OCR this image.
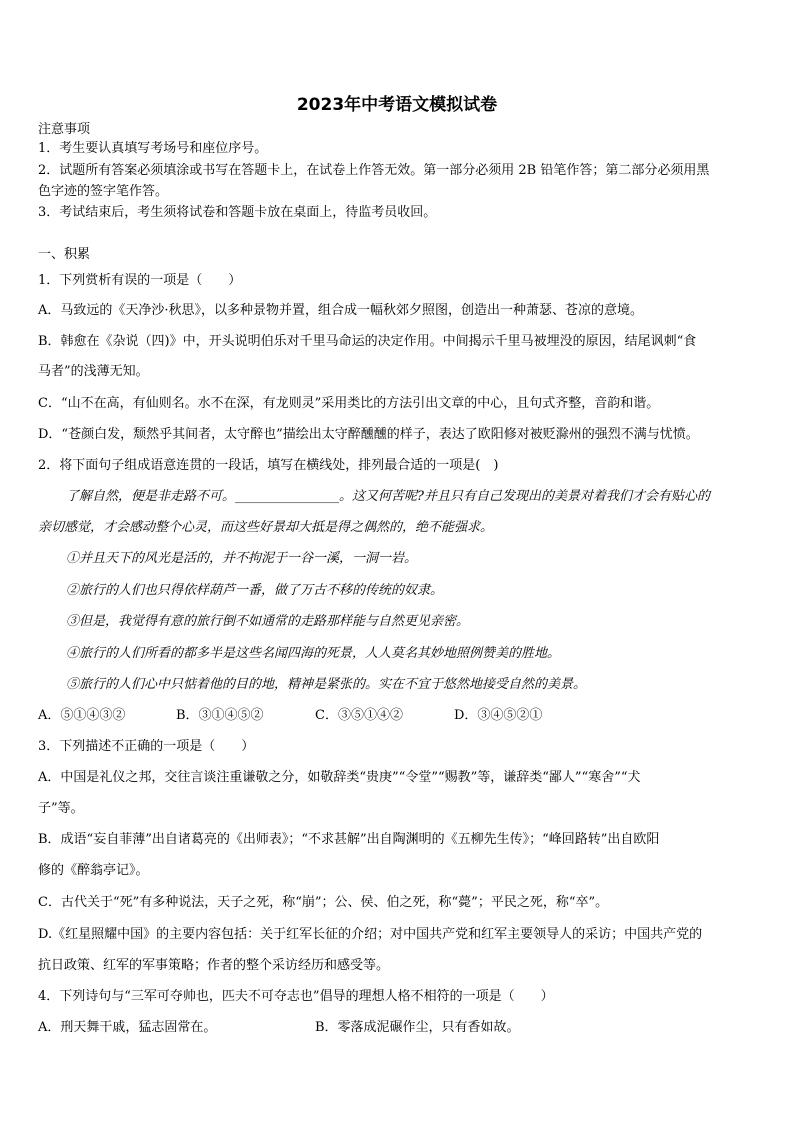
2023年中考语文模拟试卷
注意事项
1．考生要认真填写考场号和座位序号。
2．试题所有答案必须填涂或书写在答题卡上，在试卷上作答无效。第一部分必须用 2B 铅笔作答；第二部分必须用黑
色字迹的签字笔作答。
3．考试结束后，考生须将试卷和答题卡放在桌面上，待监考员收回。
一、积累
1．下列赏析有误的一项是（　　）
A．马致远的《天净沙·秋思》，以多种景物并置，组合成一幅秋郊夕照图，创造出一种萧瑟、苍凉的意境。
B．韩愈在《杂说（四)》中，开头说明伯乐对千里马命运的决定作用。中间揭示千里马被埋没的原因，结尾讽刺“食
马者”的浅薄无知。
C．“山不在高，有仙则名。水不在深，有龙则灵”采用类比的方法引出文章的中心，且句式齐整，音韵和谐。
D．“苍颜白发，颓然乎其间者，太守醉也”描绘出太守醉醺醺的样子，表达了欧阳修对被贬滁州的强烈不满与忧愤。
2．将下面句子组成语意连贯的一段话，填写在横线处，排列最合适的一项是(　)
了解自然，便是非走路不可。________________。这又何苦呢?并且只有自己发现出的美景对着我们才会有贴心的
亲切感觉，才会感动整个心灵，而这些好景却大抵是得之偶然的，绝不能强求。
①并且天下的风光是活的，并不拘泥于一谷一溪，一洞一岩。
②旅行的人们也只得依样葫芦一番，做了万古不移的传统的奴隶。
③但是，我觉得有意的旅行倒不如通常的走路那样能与自然更见亲密。
④旅行的人们所看的都多半是这些名闻四海的死景，人人莫名其妙地照例赞美的胜地。
⑤旅行的人们心中只惦着他的目的地，精神是紧张的。实在不宜于悠然地接受自然的美景。
A．⑤①④③②	B．③①④⑤②	C．③⑤①④②	D．③④⑤②①
3．下列描述不正确的一项是（　　）
A．中国是礼仪之邦，交往言谈注重谦敬之分，如敬辞类“贵庚”“令堂”“赐教”等，谦辞类“鄙人”“寒舍”“犬
子”等。
B．成语“妄自菲薄”出自诸葛亮的《出师表》；“不求甚解”出自陶渊明的《五柳先生传》；“峰回路转”出自欧阳
修的《醉翁亭记》。
C．古代关于“死”有多种说法，天子之死，称“崩”；公、侯、伯之死，称“薨”；平民之死，称“卒”。
D.《红星照耀中国》的主要内容包括：关于红军长征的介绍；对中国共产党和红军主要领导人的采访；中国共产党的
抗日政策、红军的军事策略；作者的整个采访经历和感受等。
4．下列诗句与“三军可夺帅也，匹夫不可夺志也”倡导的理想人格不相符的一项是（　　）
A．刑天舞干戚，猛志固常在。	B．零落成泥碾作尘，只有香如故。
